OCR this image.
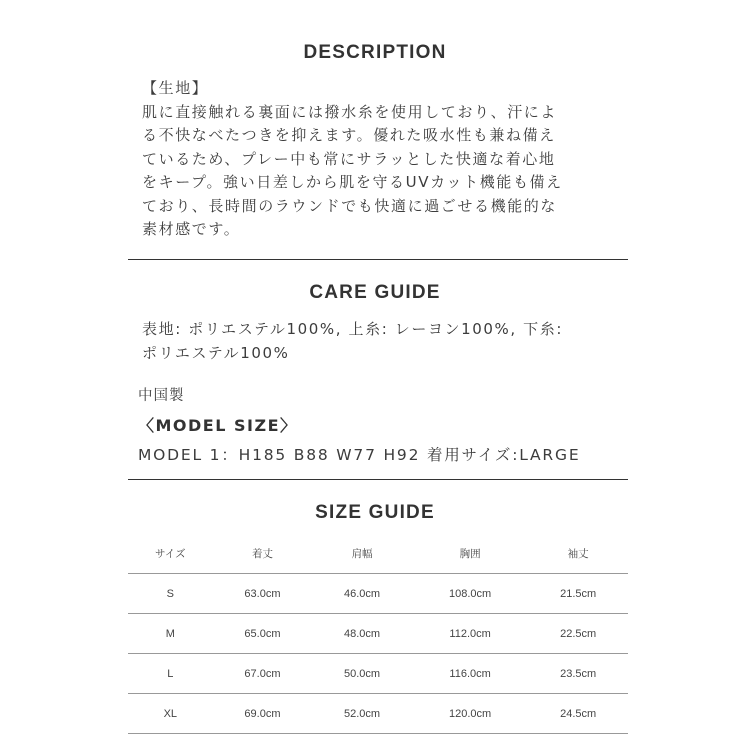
DESCRIPTION
【生地】
肌に直接触れる裏面には撥水糸を使用しており、汗によ
る不快なべたつきを抑えます。優れた吸水性も兼ね備え
ているため、プレー中も常にサラッとした快適な着心地
をキープ。強い日差しから肌を守るUVカット機能も備え
ており、長時間のラウンドでも快適に過ごせる機能的な
素材感です。
CARE GUIDE
表地: ポリエステル100%, 上糸: レーヨン100%, 下糸:
ポリエステル100%
中国製
〈MODEL SIZE〉
MODEL 1：H185 B88 W77 H92 着用サイズ:LARGE
SIZE GUIDE
サイズ	着丈	肩幅	胸囲	袖丈
S	63.0cm	46.0cm	108.0cm	21.5cm
M	65.0cm	48.0cm	112.0cm	22.5cm
L	67.0cm	50.0cm	116.0cm	23.5cm
XL	69.0cm	52.0cm	120.0cm	24.5cm
